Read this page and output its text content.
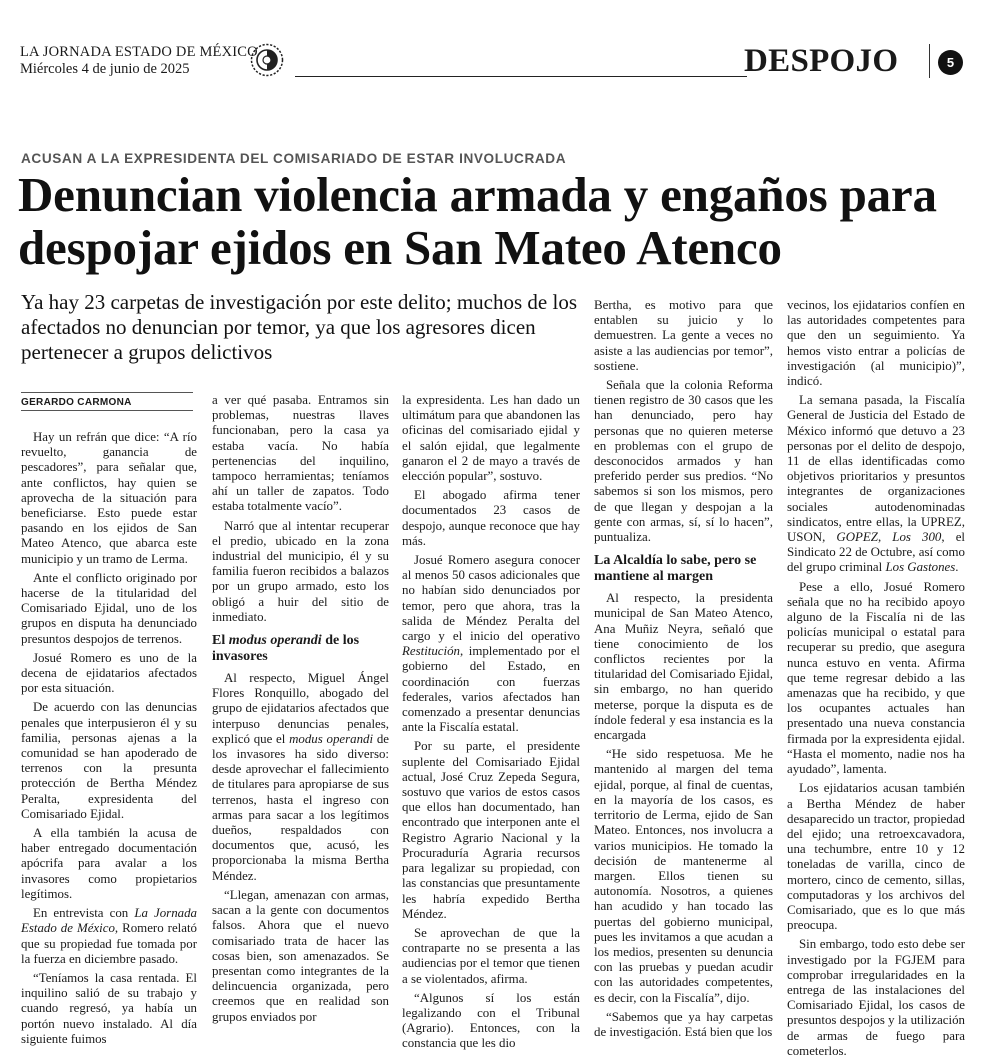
LA JORNADA ESTADO DE MÉXICO
Miércoles 4 de junio de 2025	DESPOJO	5
ACUSAN A LA EXPRESIDENTA DEL COMISARIADO DE ESTAR INVOLUCRADA
Denuncian violencia armada y engaños para despojar ejidos en San Mateo Atenco
Ya hay 23 carpetas de investigación por este delito; muchos de los afectados no denuncian por temor, ya que los agresores dicen pertenecer a grupos delictivos
GERARDO CARMONA

Hay un refrán que dice: “A río revuelto, ganancia de pescadores”, para señalar que, ante conflictos, hay quien se aprovecha de la situación para beneficiarse. Esto puede estar pasando en los ejidos de San Mateo Atenco, que abarca este municipio y un tramo de Lerma.

Ante el conflicto originado por hacerse de la titularidad del Comisariado Ejidal, uno de los grupos en disputa ha denunciado presuntos despojos de terrenos.

Josué Romero es uno de la decena de ejidatarios afectados por esta situación.

De acuerdo con las denuncias penales que interpusieron él y su familia, personas ajenas a la comunidad se han apoderado de terrenos con la presunta protección de Bertha Méndez Peralta, expresidenta del Comisariado Ejidal.

A ella también la acusa de haber entregado documentación apócrifa para avalar a los invasores como propietarios legítimos.

En entrevista con La Jornada Estado de México, Romero relató que su propiedad fue tomada por la fuerza en diciembre pasado.

“Teníamos la casa rentada. El inquilino salió de su trabajo y cuando regresó, ya había un portón nuevo instalado. Al día siguiente fuimos

a ver qué pasaba. Entramos sin problemas, nuestras llaves funcionaban, pero la casa ya estaba vacía. No había pertenencias del inquilino, tampoco herramientas; teníamos ahí un taller de zapatos. Todo estaba totalmente vacío”.

Narró que al intentar recuperar el predio, ubicado en la zona industrial del municipio, él y su familia fueron recibidos a balazos por un grupo armado, esto los obligó a huir del sitio de inmediato.

El modus operandi de los invasores

Al respecto, Miguel Ángel Flores Ronquillo, abogado del grupo de ejidatarios afectados que interpuso denuncias penales, explicó que el modus operandi de los invasores ha sido diverso: desde aprovechar el fallecimiento de titulares para apropiarse de sus terrenos, hasta el ingreso con armas para sacar a los legítimos dueños, respaldados con documentos que, acusó, les proporcionaba la misma Bertha Méndez.

“Llegan, amenazan con armas, sacan a la gente con documentos falsos. Ahora que el nuevo comisariado trata de hacer las cosas bien, son amenazados. Se presentan como integrantes de la delincuencia organizada, pero creemos que en realidad son grupos enviados por

la expresidenta. Les han dado un ultimátum para que abandonen las oficinas del comisariado ejidal y el salón ejidal, que legalmente ganaron el 2 de mayo a través de elección popular”, sostuvo.

El abogado afirma tener documentados 23 casos de despojo, aunque reconoce que hay más.

Josué Romero asegura conocer al menos 50 casos adicionales que no habían sido denunciados por temor, pero que ahora, tras la salida de Méndez Peralta del cargo y el inicio del operativo Restitución, implementado por el gobierno del Estado, en coordinación con fuerzas federales, varios afectados han comenzado a presentar denuncias ante la Fiscalía estatal.

Por su parte, el presidente suplente del Comisariado Ejidal actual, José Cruz Zepeda Segura, sostuvo que varios de estos casos que ellos han documentado, han encontrado que interponen ante el Registro Agrario Nacional y la Procuraduría Agraria recursos para legalizar su propiedad, con las constancias que presuntamente les habría expedido Bertha Méndez.

Se aprovechan de que la contraparte no se presenta a las audiencias por el temor que tienen a se violentados, afirma.

“Algunos sí los están legalizando con el Tribunal (Agrario). Entonces, con la constancia que les dio

Bertha, es motivo para que entablen su juicio y lo demuestren. La gente a veces no asiste a las audiencias por temor”, sostiene.

Señala que la colonia Reforma tienen registro de 30 casos que les han denunciado, pero hay personas que no quieren meterse en problemas con el grupo de desconocidos armados y han preferido perder sus predios. “No sabemos si son los mismos, pero de que llegan y despojan a la gente con armas, sí, sí lo hacen”, puntualiza.

La Alcaldía lo sabe, pero se mantiene al margen

Al respecto, la presidenta municipal de San Mateo Atenco, Ana Muñiz Neyra, señaló que tiene conocimiento de los conflictos recientes por la titularidad del Comisariado Ejidal, sin embargo, no han querido meterse, porque la disputa es de índole federal y esa instancia es la encargada

“He sido respetuosa. Me he mantenido al margen del tema ejidal, porque, al final de cuentas, en la mayoría de los casos, es territorio de Lerma, ejido de San Mateo. Entonces, nos involucra a varios municipios. He tomado la decisión de mantenerme al margen. Ellos tienen su autonomía. Nosotros, a quienes han acudido y han tocado las puertas del gobierno municipal, pues les invitamos a que acudan a los medios, presenten su denuncia con las pruebas y puedan acudir con las autoridades competentes, es decir, con la Fiscalía”, dijo.

“Sabemos que ya hay carpetas de investigación. Está bien que los

vecinos, los ejidatarios confíen en las autoridades competentes para que den un seguimiento. Ya hemos visto entrar a policías de investigación (al municipio)”, indicó.

La semana pasada, la Fiscalía General de Justicia del Estado de México informó que detuvo a 23 personas por el delito de despojo, 11 de ellas identificadas como objetivos prioritarios y presuntos integrantes de organizaciones sociales autodenominadas sindicatos, entre ellas, la UPREZ, USON, GOPEZ, Los 300, el Sindicato 22 de Octubre, así como del grupo criminal Los Gastones.

Pese a ello, Josué Romero señala que no ha recibido apoyo alguno de la Fiscalía ni de las policías municipal o estatal para recuperar su predio, que asegura nunca estuvo en venta. Afirma que teme regresar debido a las amenazas que ha recibido, y que los ocupantes actuales han presentado una nueva constancia firmada por la expresidenta ejidal. “Hasta el momento, nadie nos ha ayudado”, lamenta.

Los ejidatarios acusan también a Bertha Méndez de haber desaparecido un tractor, propiedad del ejido; una retroexcavadora, una techumbre, entre 10 y 12 toneladas de varilla, cinco de mortero, cinco de cemento, sillas, computadoras y los archivos del Comisariado, que es lo que más preocupa.

Sin embargo, todo esto debe ser investigado por la FGJEM para comprobar irregularidades en la entrega de las instalaciones del Comisariado Ejidal, los casos de presuntos despojos y la utilización de armas de fuego para cometerlos.
